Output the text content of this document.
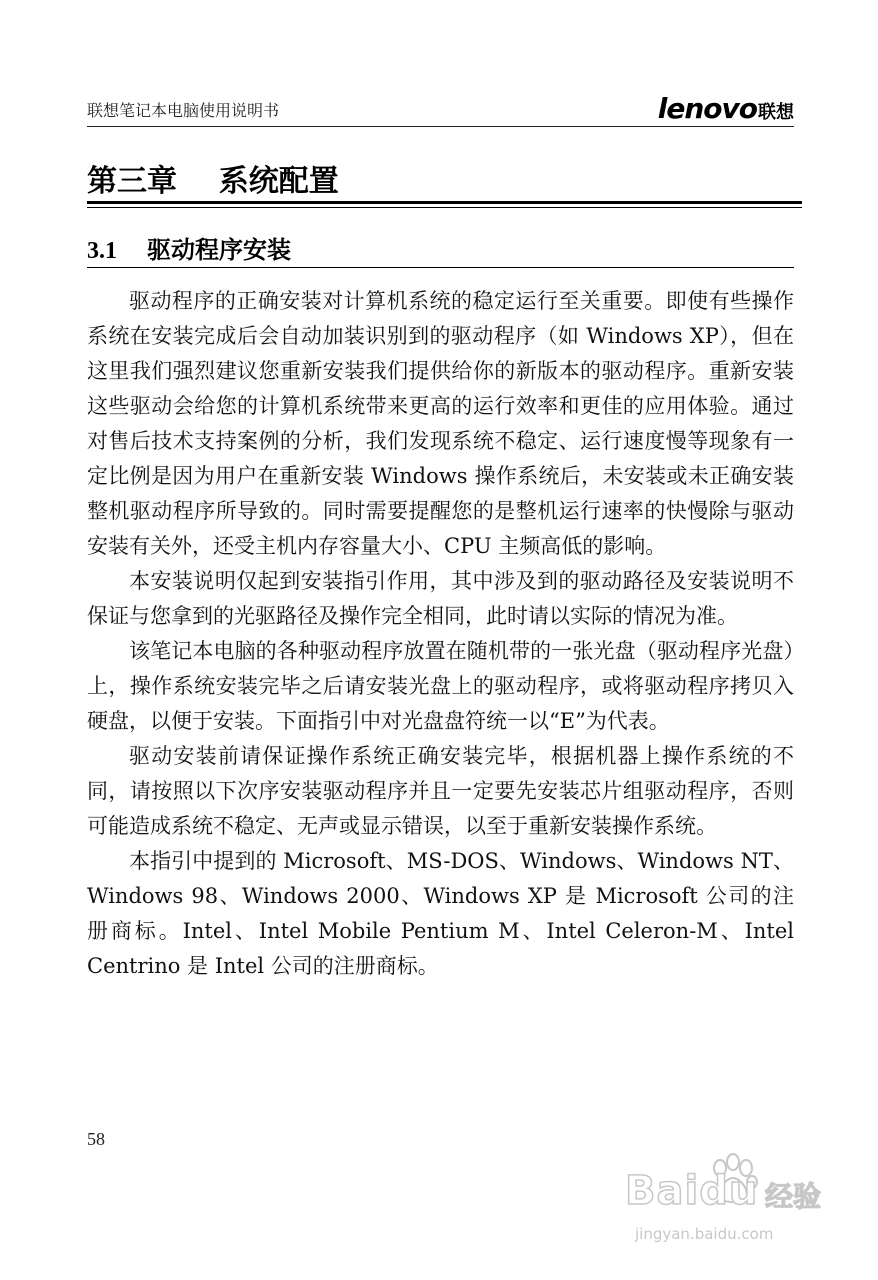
联想笔记本电脑使用说明书	lenovo 联想
第三章    系统配置
3.1 驱动程序安装

驱动程序的正确安装对计算机系统的稳定运行至关重要。即使有些操作系统在安装完成后会自动加装识别到的驱动程序（如 Windows XP），但在这里我们强烈建议您重新安装我们提供给你的新版本的驱动程序。重新安装这些驱动会给您的计算机系统带来更高的运行效率和更佳的应用体验。通过对售后技术支持案例的分析，我们发现系统不稳定、运行速度慢等现象有一定比例是因为用户在重新安装 Windows 操作系统后，未安装或未正确安装整机驱动程序所导致的。同时需要提醒您的是整机运行速率的快慢除与驱动安装有关外，还受主机内存容量大小、CPU 主频高低的影响。

本安装说明仅起到安装指引作用，其中涉及到的驱动路径及安装说明不保证与您拿到的光驱路径及操作完全相同，此时请以实际的情况为准。

该笔记本电脑的各种驱动程序放置在随机带的一张光盘（驱动程序光盘）上，操作系统安装完毕之后请安装光盘上的驱动程序，或将驱动程序拷贝入硬盘，以便于安装。下面指引中对光盘盘符统一以“E”为代表。

驱动安装前请保证操作系统正确安装完毕，根据机器上操作系统的不同，请按照以下次序安装驱动程序并且一定要先安装芯片组驱动程序，否则可能造成系统不稳定、无声或显示错误，以至于重新安装操作系统。

本指引中提到的 Microsoft、MS-DOS、Windows、Windows NT、Windows 98、Windows 2000、Windows XP 是 Microsoft 公司的注册商标。Intel、Intel Mobile Pentium M、Intel Celeron-M、Intel Centrino 是 Intel 公司的注册商标。

58
Baidu 经验
jingyan.baidu.com
